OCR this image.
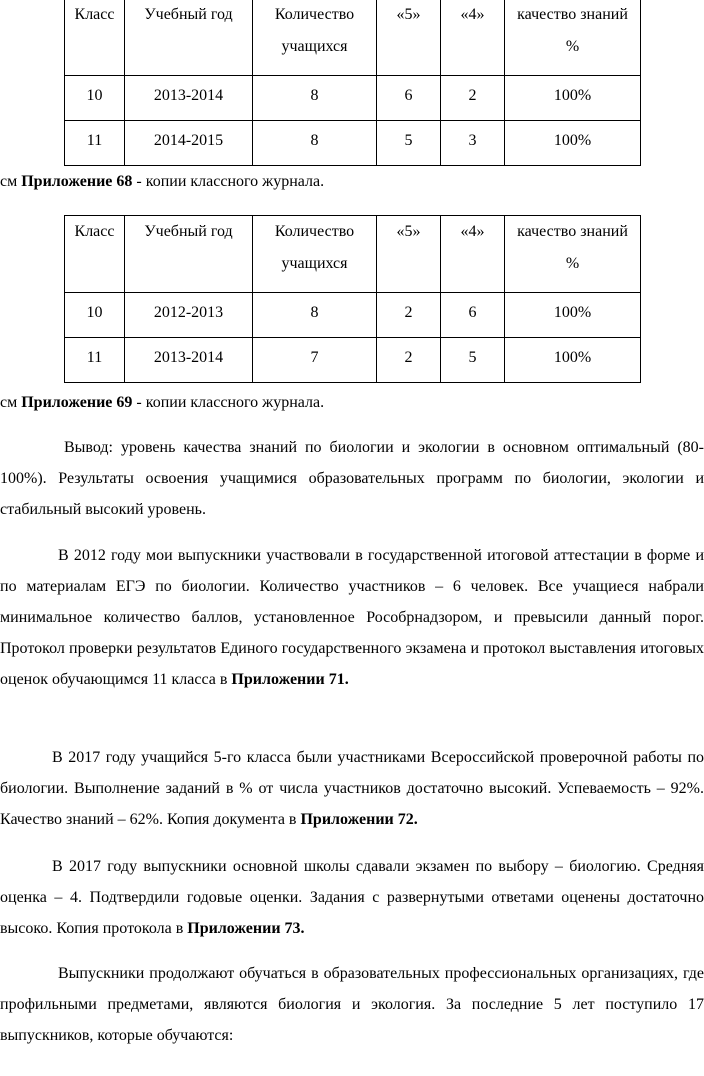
Класс	Учебный год	Количество учащихся	«5»	«4»	качество знаний %
10	2013-2014	8	6	2	100%
11	2014-2015	8	5	3	100%
см Приложение 68 - копии классного журнала.
Класс	Учебный год	Количество учащихся	«5»	«4»	качество знаний %
10	2012-2013	8	2	6	100%
11	2013-2014	7	2	5	100%
см Приложение 69 - копии классного журнала.

Вывод: уровень качества знаний по биологии и экологии в основном оптимальный (80-100%). Результаты освоения учащимися образовательных программ по биологии, экологии и стабильный высокий уровень.

В 2012 году мои выпускники участвовали в государственной итоговой аттестации в форме и по материалам ЕГЭ по биологии. Количество участников – 6 человек. Все учащиеся набрали минимальное количество баллов, установленное Рособрнадзором, и превысили данный порог. Протокол проверки результатов Единого государственного экзамена и протокол выставления итоговых оценок обучающимся 11 класса в Приложении 71.

В 2017 году учащийся 5-го класса были участниками Всероссийской проверочной работы по биологии. Выполнение заданий в % от числа участников достаточно высокий. Успеваемость – 92%. Качество знаний – 62%. Копия документа в Приложении 72.

В 2017 году выпускники основной школы сдавали экзамен по выбору – биологию. Средняя оценка – 4. Подтвердили годовые оценки. Задания с развернутыми ответами оценены достаточно высоко. Копия протокола в Приложении 73.

Выпускники продолжают обучаться в образовательных профессиональных организациях, где профильными предметами, являются биология и экология. За последние 5 лет поступило 17 выпускников, которые обучаются:
